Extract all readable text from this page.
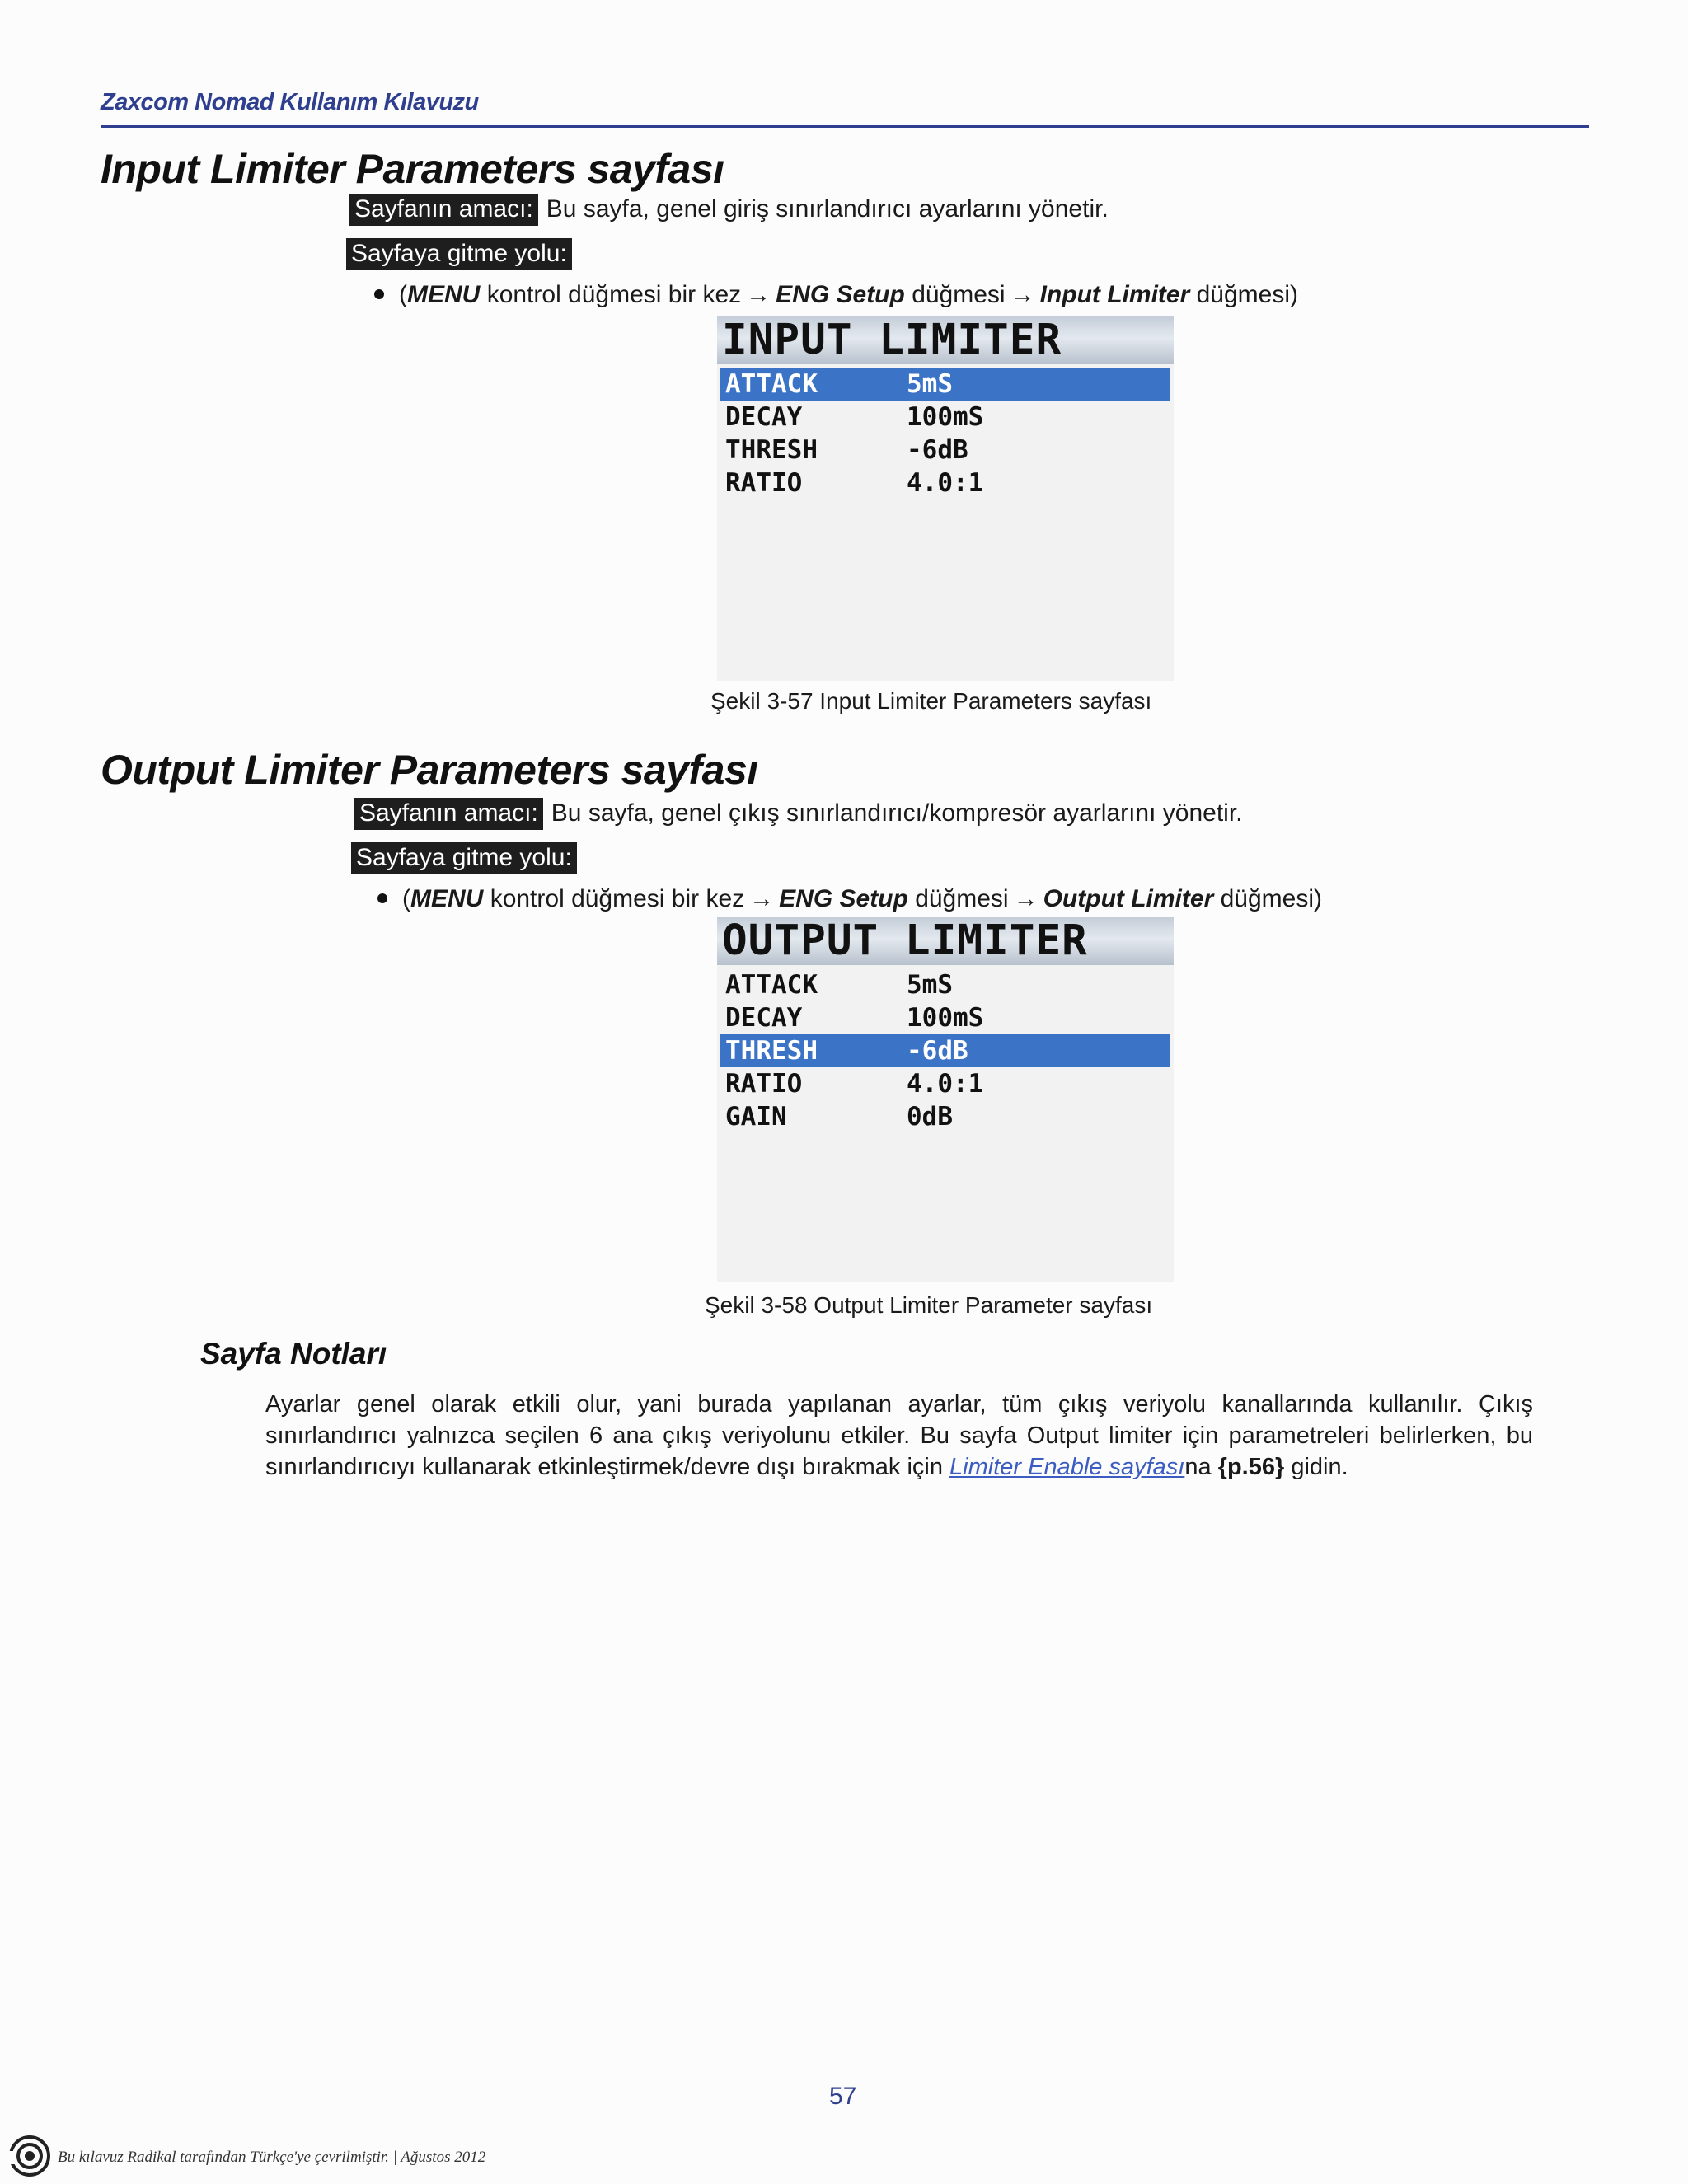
Zaxcom Nomad Kullanım Kılavuzu
Input Limiter Parameters sayfası
Sayfanın amacı: Bu sayfa, genel giriş sınırlandırıcı ayarlarını yönetir.
Sayfaya gitme yolu:
(MENU kontrol düğmesi bir kez → ENG Setup düğmesi → Input Limiter düğmesi)
INPUT LIMITER
ATTACK	5mS
DECAY	100mS
THRESH	-6dB
RATIO	4.0:1
Şekil 3-57 Input Limiter Parameters sayfası
Output Limiter Parameters sayfası
Sayfanın amacı: Bu sayfa, genel çıkış sınırlandırıcı/kompresör ayarlarını yönetir.
Sayfaya gitme yolu:
(MENU kontrol düğmesi bir kez → ENG Setup düğmesi → Output Limiter düğmesi)
OUTPUT LIMITER
ATTACK	5mS
DECAY	100mS
THRESH	-6dB
RATIO	4.0:1
GAIN	0dB
Şekil 3-58 Output Limiter Parameter sayfası
Sayfa Notları
Ayarlar genel olarak etkili olur, yani burada yapılanan ayarlar, tüm çıkış veriyolu kanallarında kullanılır. Çıkış sınırlandırıcı yalnızca seçilen 6 ana çıkış veriyolunu etkiler. Bu sayfa Output limiter için parametreleri belirlerken, bu sınırlandırıcıyı kullanarak etkinleştirmek/devre dışı bırakmak için Limiter Enable sayfasına {p.56} gidin.
57
Bu kılavuz Radikal tarafından Türkçe'ye çevrilmiştir. | Ağustos 2012
